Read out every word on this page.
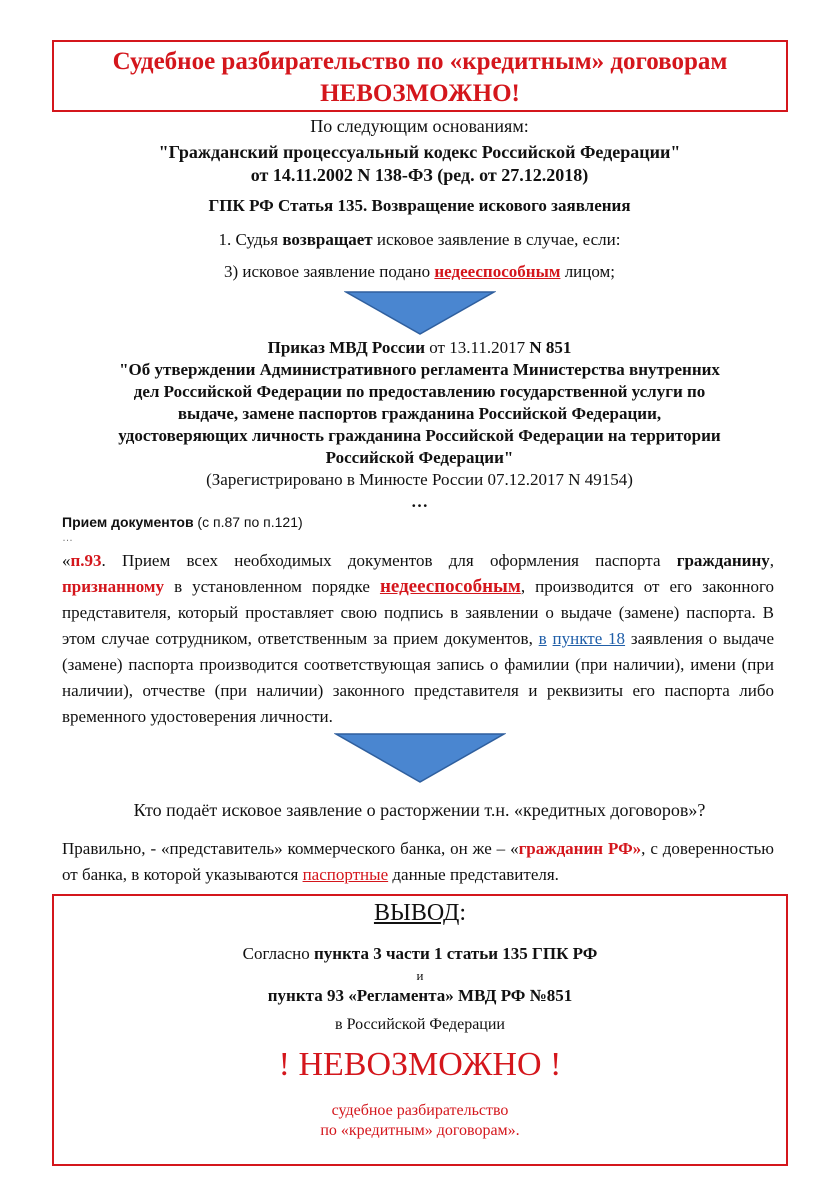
Судебное разбирательство по «кредитным» договорам
НЕВОЗМОЖНО!
По следующим основаниям:
"Гражданский процессуальный кодекс Российской Федерации"
от 14.11.2002 N 138-ФЗ (ред. от 27.12.2018)
ГПК РФ Статья 135. Возвращение искового заявления
1. Судья возвращает исковое заявление в случае, если:
3) исковое заявление подано недееспособным лицом;
Приказ МВД России от 13.11.2017 N 851
"Об утверждении Административного регламента Министерства внутренних
дел Российской Федерации по предоставлению государственной услуги по
выдаче, замене паспортов гражданина Российской Федерации,
удостоверяющих личность гражданина Российской Федерации на территории
Российской Федерации"
(Зарегистрировано в Минюсте России 07.12.2017 N 49154)
…
Прием документов (с п.87 по п.121)
…
«п.93. Прием всех необходимых документов для оформления паспорта гражданину, признанному в установленном порядке недееспособным, производится от его законного представителя, который проставляет свою подпись в заявлении о выдаче (замене) паспорта. В этом случае сотрудником, ответственным за прием документов, в пункте 18 заявления о выдаче (замене) паспорта производится соответствующая запись о фамилии (при наличии), имени (при наличии), отчестве (при наличии) законного представителя и реквизиты его паспорта либо временного удостоверения личности.
Кто подаёт исковое заявление о расторжении т.н. «кредитных договоров»?
Правильно, - «представитель» коммерческого банка, он же – «гражданин РФ», с доверенностью от банка, в которой указываются паспортные данные представителя.
ВЫВОД:
Согласно пункта 3 части 1 статьи 135 ГПК РФ
и
пункта 93 «Регламента» МВД РФ №851
в Российской Федерации
! НЕВОЗМОЖНО !
судебное разбирательство
по «кредитным» договорам».
